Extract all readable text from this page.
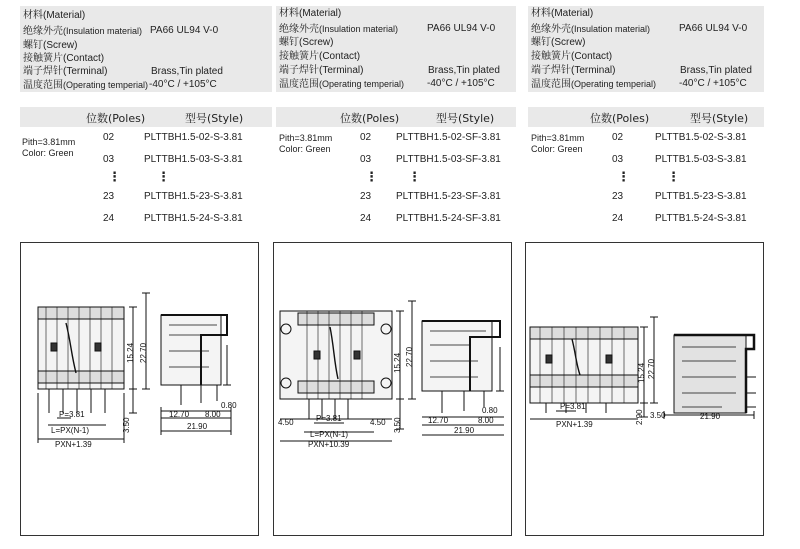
材料(Material)
绝缘外壳(Insulation material) PA66 UL94 V-0
螺钉(Screw)
接触簧片(Contact)
端子焊针(Terminal)	Brass,Tin plated
温度范围(Operating temperial) -40°C / +105°C
位数(Poles)	型号(Style)
Pith=3.81mm
Color: Green
02	PLTTBH1.5-02-S-3.81
03	PLTTBH1.5-03-S-3.81
⋮	⋮
23	PLTTBH1.5-23-S-3.81
24	PLTTBH1.5-24-S-3.81
材料(Material)
绝缘外壳(Insulation material)	PA66 UL94 V-0
螺钉(Screw)
接触簧片(Contact)
端子焊针(Terminal)	Brass,Tin plated
温度范围(Operating temperial)	-40°C / +105°C
位数(Poles)	型号(Style)
Pith=3.81mm
Color: Green
02 PLTTBH1.5-02-SF-3.81
03 PLTTBH1.5-03-SF-3.81
⋮ ⋮
23 PLTTBH1.5-23-SF-3.81
24 PLTTBH1.5-24-SF-3.81
材料(Material)
绝缘外壳(Insulation material)	PA66 UL94 V-0
螺钉(Screw)
接触簧片(Contact)
端子焊针(Terminal)	Brass,Tin plated
温度范围(Operating temperial)	-40°C / +105°C
位数(Poles)	型号(Style)
Pith=3.81mm
Color: Green
02	PLTTB1.5-02-S-3.81
03	PLTTB1.5-03-S-3.81
⋮	⋮
23	PLTTB1.5-23-S-3.81
24	PLTTB1.5-24-S-3.81
P=3.81
L=PX(N-1)
PXN+1.39
15.24 22.70
3.50
0.80
12.70 8.00
21.90	4.50	4.50
P=3.81
L=PX(N-1)
PXN+10.39
15.24 22.70
3.50
0.80
12.70	8.00
21.90
P=3.81
PXN+1.39
15.24 22.70
2.90 3.50	21.90
